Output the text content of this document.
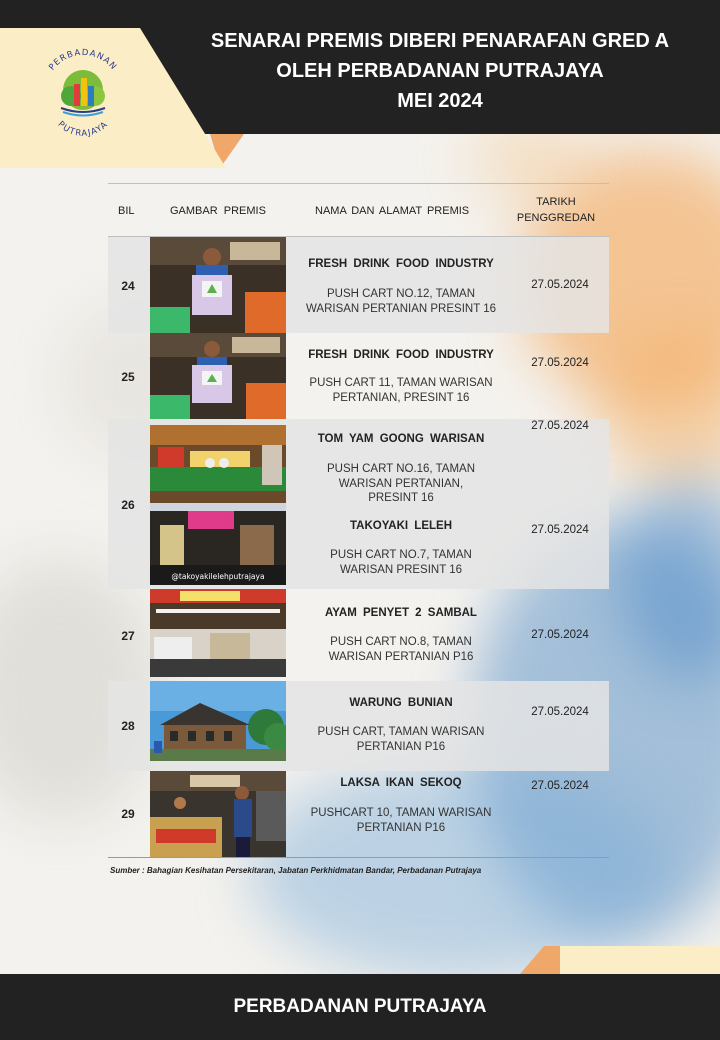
PERBADANAN
PUTRAJAYA
SENARAI PREMIS DIBERI PENARAFAN GRED A
OLEH PERBADANAN PUTRAJAYA
MEI 2024
BIL	GAMBAR PREMIS	NAMA DAN ALAMAT PREMIS
TARIKH PENGGREDAN
24
FRESH DRINK FOOD INDUSTRY
PUSH CART NO.12, TAMAN
WARISAN PERTANIAN PRESINT 16
27.05.2024
25
FRESH DRINK FOOD INDUSTRY
PUSH CART 11, TAMAN WARISAN
PERTANIAN, PRESINT 16
27.05.2024
26
@takoyakilelehputrajaya
TOM YAM GOONG WARISAN
PUSH CART NO.16, TAMAN
WARISAN PERTANIAN,
PRESINT 16
27.05.2024
TAKOYAKI LELEH
PUSH CART NO.7, TAMAN
WARISAN PRESINT 16
27.05.2024
27
AYAM PENYET 2 SAMBAL
PUSH CART NO.8, TAMAN
WARISAN PERTANIAN P16
27.05.2024
28
WARUNG BUNIAN
PUSH CART, TAMAN WARISAN
PERTANIAN P16
27.05.2024
29
LAKSA IKAN SEKOQ
PUSHCART 10, TAMAN WARISAN
PERTANIAN P16
27.05.2024
Sumber : Bahagian Kesihatan Persekitaran, Jabatan Perkhidmatan Bandar, Perbadanan Putrajaya
PERBADANAN PUTRAJAYA
